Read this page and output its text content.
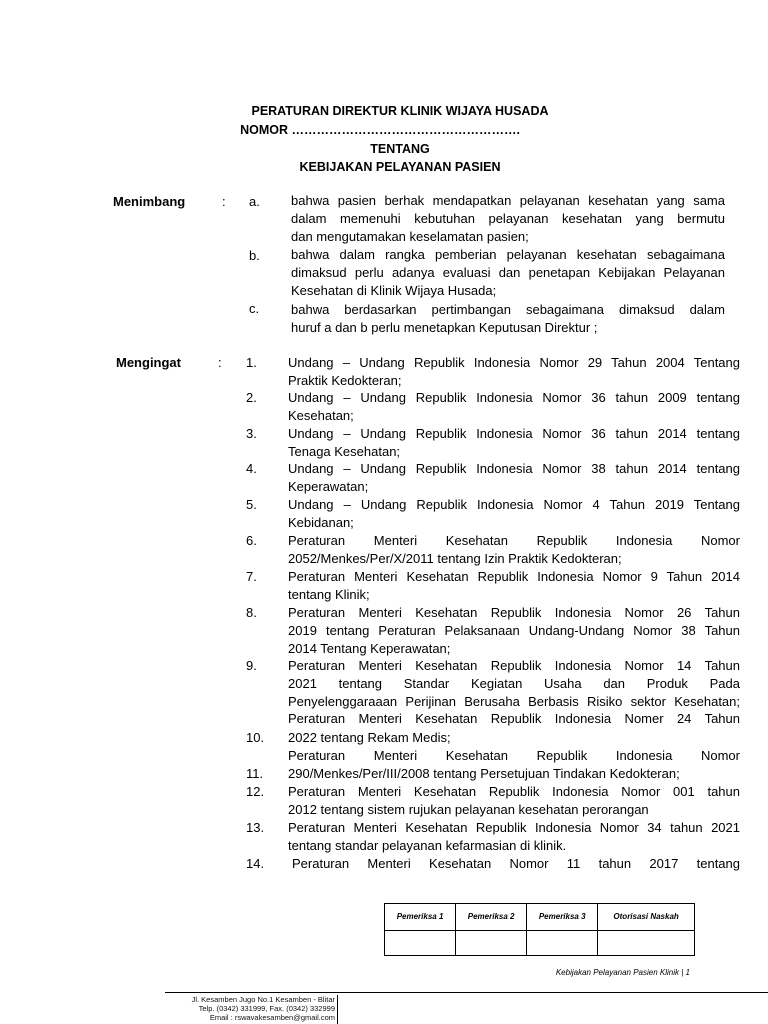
PERATURAN DIREKTUR KLINIK WIJAYA HUSADA
NOMOR ……………………………………………….
TENTANG
KEBIJAKAN PELAYANAN PASIEN
Menimbang	: a. bahwa pasien berhak mendapatkan pelayanan kesehatan yang sama
dalam memenuhi kebutuhan pelayanan kesehatan yang bermutu
dan mengutamakan keselamatan pasien;
b. bahwa dalam rangka pemberian pelayanan kesehatan sebagaimana
dimaksud perlu adanya evaluasi dan penetapan Kebijakan Pelayanan
Kesehatan di Klinik Wijaya Husada;
c. bahwa berdasarkan pertimbangan sebagaimana dimaksud dalam
huruf a dan b perlu menetapkan Keputusan Direktur ;
Mengingat	: 1. Undang – Undang Republik Indonesia Nomor 29 Tahun 2004 Tentang
Praktik Kedokteran;
2. Undang – Undang Republik Indonesia Nomor 36 tahun 2009 tentang
Kesehatan;
3. Undang – Undang Republik Indonesia Nomor 36 tahun 2014 tentang
Tenaga Kesehatan;
4. Undang – Undang Republik Indonesia Nomor 38 tahun 2014 tentang
Keperawatan;
5. Undang – Undang Republik Indonesia Nomor 4 Tahun 2019 Tentang
Kebidanan;
6. Peraturan Menteri Kesehatan Republik Indonesia Nomor
2052/Menkes/Per/X/2011 tentang Izin Praktik Kedokteran;
7. Peraturan Menteri Kesehatan Republik Indonesia Nomor 9 Tahun 2014
tentang Klinik;
8. Peraturan Menteri Kesehatan Republik Indonesia Nomor 26 Tahun
2019 tentang Peraturan Pelaksanaan Undang-Undang Nomor 38 Tahun
2014 Tentang Keperawatan;
9. Peraturan Menteri Kesehatan Republik Indonesia Nomor 14 Tahun
2021 tentang Standar Kegiatan Usaha dan Produk Pada
Penyelenggaraaan Perijinan Berusaha Berbasis Risiko sektor Kesehatan;
Peraturan Menteri Kesehatan Republik Indonesia Nomer 24 Tahun
10. 2022 tentang Rekam Medis;
Peraturan Menteri Kesehatan Republik Indonesia Nomor
11. 290/Menkes/Per/III/2008 tentang Persetujuan Tindakan Kedokteran;
12. Peraturan Menteri Kesehatan Republik Indonesia Nomor 001 tahun
2012 tentang sistem rujukan pelayanan kesehatan perorangan
13. Peraturan Menteri Kesehatan Republik Indonesia Nomor 34 tahun 2021
tentang standar pelayanan kefarmasian di klinik.
14. Peraturan Menteri Kesehatan Nomor 11 tahun 2017 tentang
Pemeriksa 1	Pemeriksa 2	Pemeriksa 3	Otorisasi Naskah

Kebijakan Pelayanan Pasien Klinik | 1
Jl. Kesamben Jugo No.1 Kesamben - Blitar
Telp. (0342) 331999, Fax. (0342) 332999
Email : rswavakesamben@gmail.com
